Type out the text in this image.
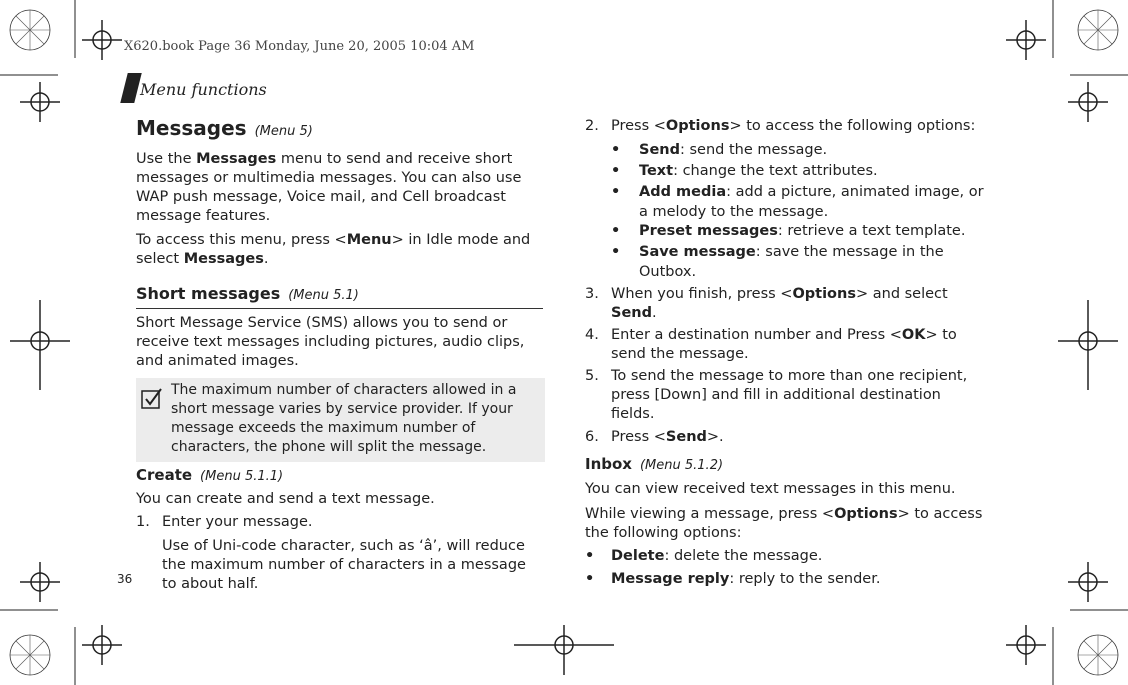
X620.book Page 36 Monday, June 20, 2005 10:04 AM
Menu functions
Messages (Menu 5)
Use the Messages menu to send and receive short
messages or multimedia messages. You can also use
WAP push message, Voice mail, and Cell broadcast
message features.
To access this menu, press <Menu> in Idle mode and
select Messages.
Short messages (Menu 5.1)
Short Message Service (SMS) allows you to send or
receive text messages including pictures, audio clips,
and animated images.
The maximum number of characters allowed in a
short message varies by service provider. If your
message exceeds the maximum number of
characters, the phone will split the message.
Create (Menu 5.1.1)
You can create and send a text message.
1. Enter your message.
Use of Uni-code character, such as ‘â’, will reduce
the maximum number of characters in a message
to about half.
36
2. Press <Options> to access the following options:
• Send: send the message.
• Text: change the text attributes.
• Add media: add a picture, animated image, or
a melody to the message.
• Preset messages: retrieve a text template.
• Save message: save the message in the
Outbox.
3. When you finish, press <Options> and select
Send.
4. Enter a destination number and Press <OK> to
send the message.
5. To send the message to more than one recipient,
press [Down] and fill in additional destination
fields.
6. Press <Send>.
Inbox (Menu 5.1.2)
You can view received text messages in this menu.
While viewing a message, press <Options> to access
the following options:
• Delete: delete the message.
• Message reply: reply to the sender.
